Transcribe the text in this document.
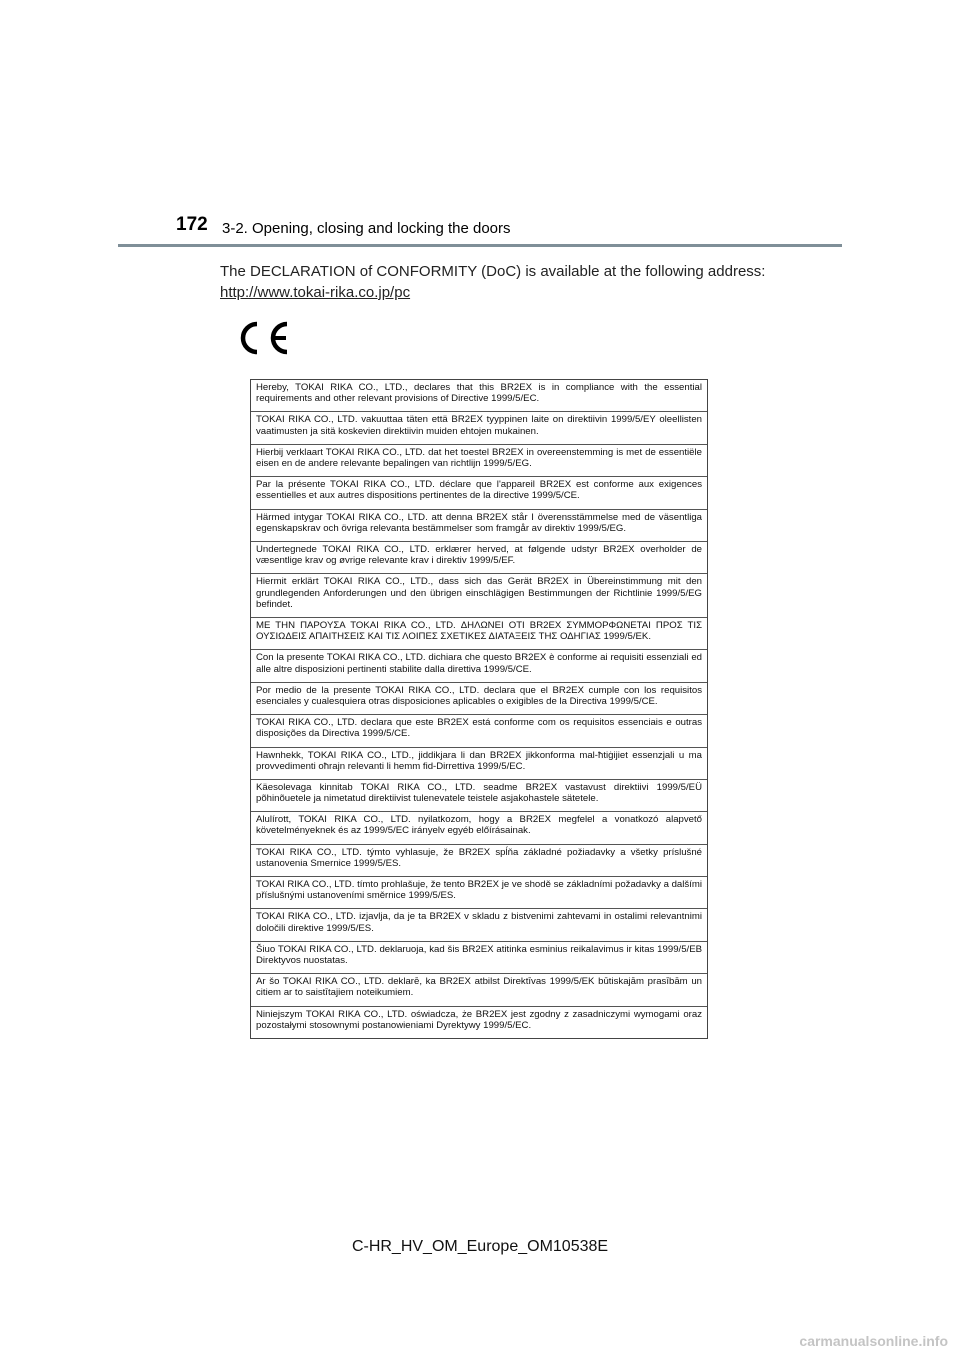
172 3-2. Opening, closing and locking the doors
The DECLARATION of CONFORMITY (DoC) is available at the following address:
http://www.tokai-rika.co.jp/pc
Hereby, TOKAI RIKA CO., LTD., declares that this BR2EX is in compliance with the essential requirements and other relevant provisions of Directive 1999/5/EC.
TOKAI RIKA CO., LTD. vakuuttaa täten että BR2EX tyyppinen laite on direktiivin 1999/5/EY oleellisten vaatimusten ja sitä koskevien direktiivin muiden ehtojen mukainen.
Hierbij verklaart TOKAI RIKA CO., LTD. dat het toestel BR2EX in overeenstemming is met de essentiële eisen en de andere relevante bepalingen van richtlijn 1999/5/EG.
Par la présente TOKAI RIKA CO., LTD. déclare que l'appareil BR2EX est conforme aux exigences essentielles et aux autres dispositions pertinentes de la directive 1999/5/CE.
Härmed intygar TOKAI RIKA CO., LTD. att denna BR2EX står I överensstämmelse med de väsentliga egenskapskrav och övriga relevanta bestämmelser som framgår av direktiv 1999/5/EG.
Undertegnede TOKAI RIKA CO., LTD. erklærer herved, at følgende udstyr BR2EX overholder de væsentlige krav og øvrige relevante krav i direktiv 1999/5/EF.
Hiermit erklärt TOKAI RIKA CO., LTD., dass sich das Gerät BR2EX in Übereinstimmung mit den grundlegenden Anforderungen und den übrigen einschlägigen Bestimmungen der Richtlinie 1999/5/EG befindet.
ΜΕ ΤΗΝ ΠΑΡΟΥΣΑ TOKAI RIKA CO., LTD. ΔΗΛΩΝΕΙ ΟΤΙ BR2EX ΣΥΜΜΟΡΦΩΝΕΤΑΙ ΠΡΟΣ ΤΙΣ ΟΥΣΙΩΔΕΙΣ ΑΠΑΙΤΗΣΕΙΣ ΚΑΙ ΤΙΣ ΛΟΙΠΕΣ ΣΧΕΤΙΚΕΣ ΔΙΑΤΑΞΕΙΣ ΤΗΣ ΟΔΗΓΙΑΣ 1999/5/ΕΚ.
Con la presente TOKAI RIKA CO., LTD. dichiara che questo BR2EX è conforme ai requisiti essenziali ed alle altre disposizioni pertinenti stabilite dalla direttiva 1999/5/CE.
Por medio de la presente TOKAI RIKA CO., LTD. declara que el BR2EX cumple con los requisitos esenciales y cualesquiera otras disposiciones aplicables o exigibles de la Directiva 1999/5/CE.
TOKAI RIKA CO., LTD. declara que este BR2EX está conforme com os requisitos essenciais e outras disposições da Directiva 1999/5/CE.
Hawnhekk, TOKAI RIKA CO., LTD., jiddikjara li dan BR2EX jikkonforma mal-ħtiġijiet essenzjali u ma provvedimenti oħrajn relevanti li hemm fid-Dirrettiva 1999/5/EC.
Käesolevaga kinnitab TOKAI RIKA CO., LTD. seadme BR2EX vastavust direktiivi 1999/5/EÜ põhinõuetele ja nimetatud direktiivist tulenevatele teistele asjakohastele sätetele.
Alulírott, TOKAI RIKA CO., LTD. nyilatkozom, hogy a BR2EX megfelel a vonatkozó alapvető követelményeknek és az 1999/5/EC irányelv egyéb előírásainak.
TOKAI RIKA CO., LTD. týmto vyhlasuje, že BR2EX spĺňa základné požiadavky a všetky príslušné ustanovenia Smernice 1999/5/ES.
TOKAI RIKA CO., LTD. tímto prohlašuje, že tento BR2EX je ve shodě se základními požadavky a dalšími příslušnými ustanoveními směrnice 1999/5/ES.
TOKAI RIKA CO., LTD. izjavlja, da je ta BR2EX v skladu z bistvenimi zahtevami in ostalimi relevantnimi določili direktive 1999/5/ES.
Šiuo TOKAI RIKA CO., LTD. deklaruoja, kad šis BR2EX atitinka esminius reikalavimus ir kitas 1999/5/EB Direktyvos nuostatas.
Ar šo TOKAI RIKA CO., LTD. deklarē, ka BR2EX atbilst Direktīvas 1999/5/EK būtiskajām prasībām un citiem ar to saistītajiem noteikumiem.
Niniejszym TOKAI RIKA CO., LTD. oświadcza, że BR2EX jest zgodny z zasadniczymi wymogami oraz pozostałymi stosownymi postanowieniami Dyrektywy 1999/5/EC.
C-HR_HV_OM_Europe_OM10538E
carmanualsonline.info
